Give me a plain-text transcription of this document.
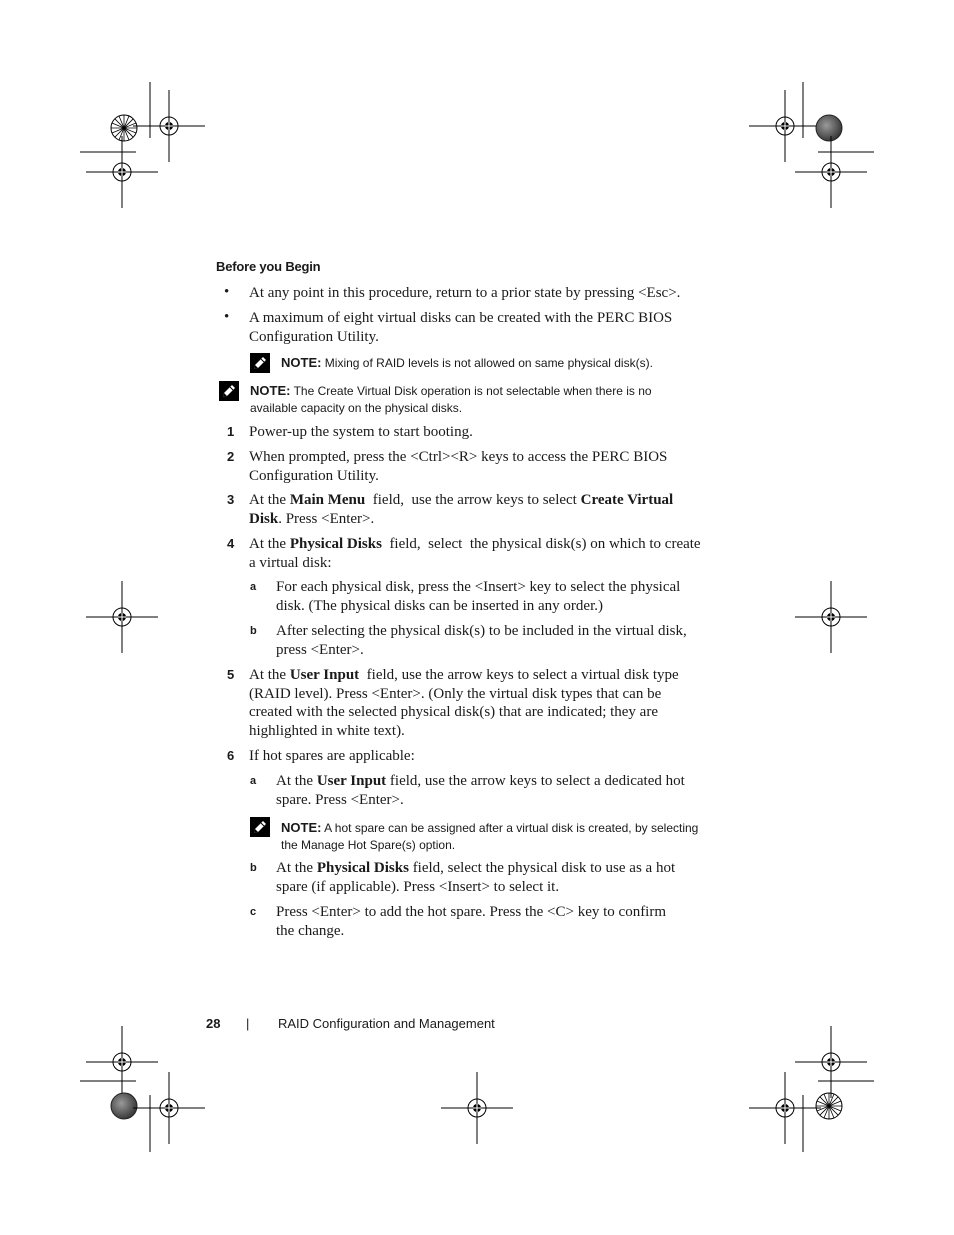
Before you Begin
• At any point in this procedure, return to a prior state by pressing <Esc>.
• A maximum of eight virtual disks can be created with the PERC BIOS Configuration Utility.
NOTE: Mixing of RAID levels is not allowed on same physical disk(s).
NOTE: The Create Virtual Disk operation is not selectable when there is no
available capacity on the physical disks.
1 Power-up the system to start booting.
2 When prompted, press the <Ctrl><R> keys to access the PERC BIOS
Configuration Utility.
3 At the Main Menu  field,  use the arrow keys to select Create Virtual
Disk. Press <Enter>.
4 At the Physical Disks  field,  select  the physical disk(s) on which to create
a virtual disk:
a For each physical disk, press the <Insert> key to select the physical
disk. (The physical disks can be inserted in any order.)
b After selecting the physical disk(s) to be included in the virtual disk,
press <Enter>.
5 At the User Input  field, use the arrow keys to select a virtual disk type
(RAID level). Press <Enter>. (Only the virtual disk types that can be
created with the selected physical disk(s) that are indicated; they are
highlighted in white text).
6 If hot spares are applicable:
a At the User Input field, use the arrow keys to select a dedicated hot
spare. Press <Enter>.
NOTE: A hot spare can be assigned after a virtual disk is created, by selecting
the Manage Hot Spare(s) option.
b At the Physical Disks field, select the physical disk to use as a hot
spare (if applicable). Press <Insert> to select it.
c Press <Enter> to add the hot spare. Press the <C> key to confirm
the change.
28 | RAID Configuration and Management
